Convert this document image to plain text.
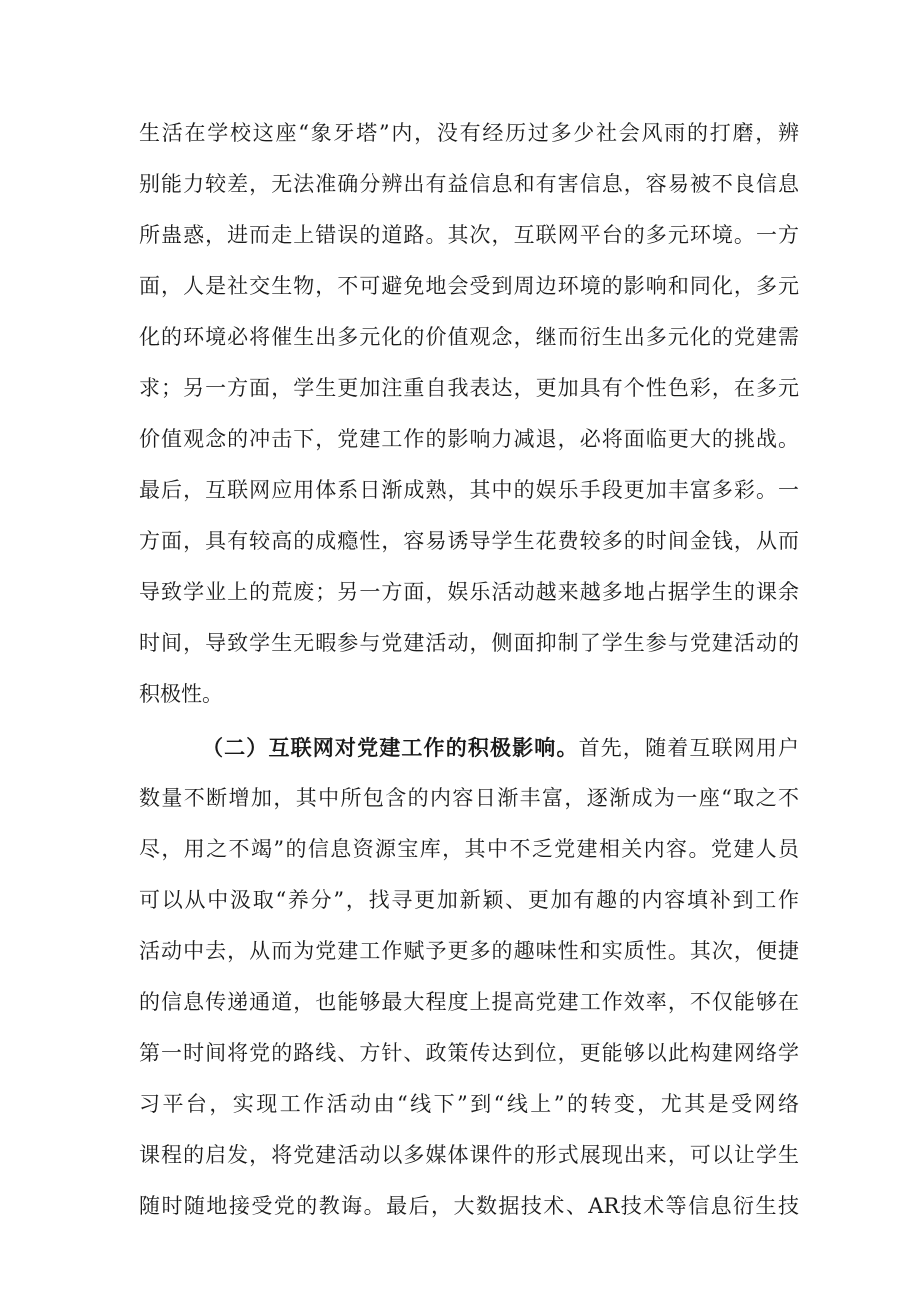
生活在学校这座“象牙塔”内，没有经历过多少社会风雨的打磨，辨
别能力较差，无法准确分辨出有益信息和有害信息，容易被不良信息
所蛊惑，进而走上错误的道路。其次，互联网平台的多元环境。一方
面，人是社交生物，不可避免地会受到周边环境的影响和同化，多元
化的环境必将催生出多元化的价值观念，继而衍生出多元化的党建需
求；另一方面，学生更加注重自我表达，更加具有个性色彩，在多元
价值观念的冲击下，党建工作的影响力减退，必将面临更大的挑战。
最后，互联网应用体系日渐成熟，其中的娱乐手段更加丰富多彩。一
方面，具有较高的成瘾性，容易诱导学生花费较多的时间金钱，从而
导致学业上的荒废；另一方面，娱乐活动越来越多地占据学生的课余
时间，导致学生无暇参与党建活动，侧面抑制了学生参与党建活动的
积极性。
（二）互联网对党建工作的积极影响。首先，随着互联网用户
数量不断增加，其中所包含的内容日渐丰富，逐渐成为一座“取之不
尽，用之不竭”的信息资源宝库，其中不乏党建相关内容。党建人员
可以从中汲取“养分”，找寻更加新颖、更加有趣的内容填补到工作
活动中去，从而为党建工作赋予更多的趣味性和实质性。其次，便捷
的信息传递通道，也能够最大程度上提高党建工作效率，不仅能够在
第一时间将党的路线、方针、政策传达到位，更能够以此构建网络学
习平台，实现工作活动由“线下”到“线上”的转变，尤其是受网络
课程的启发，将党建活动以多媒体课件的形式展现出来，可以让学生
随时随地接受党的教诲。最后，大数据技术、AR技术等信息衍生技
